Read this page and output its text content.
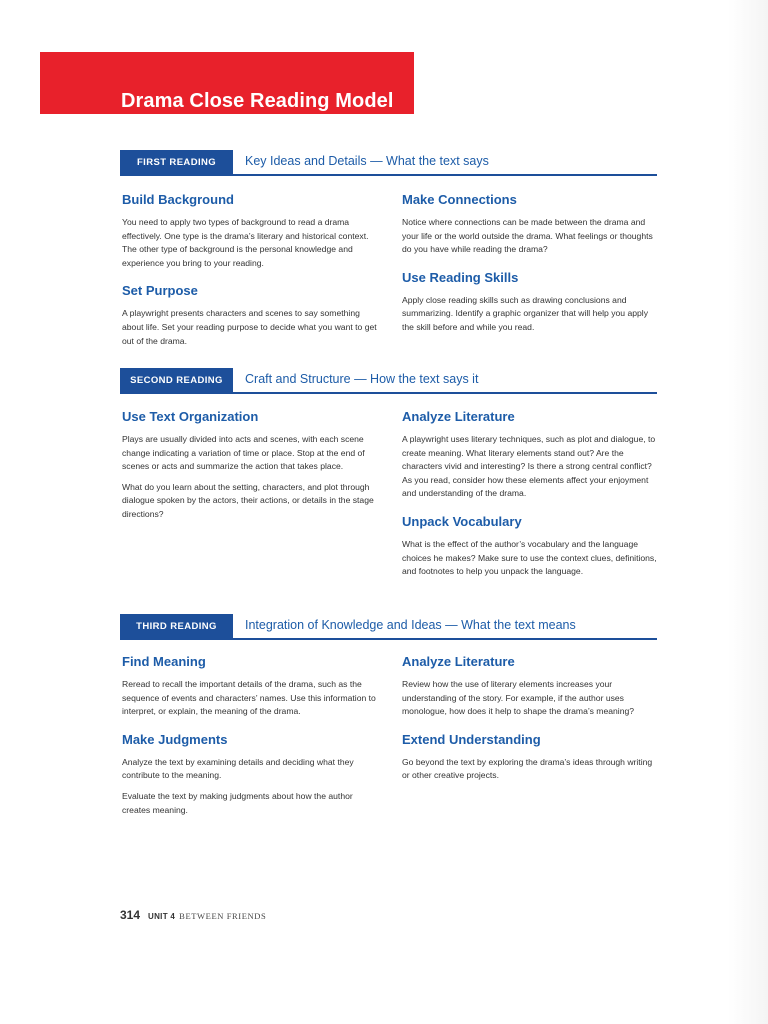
Drama Close Reading Model
FIRST READING	Key Ideas and Details — What the text says
Build Background

You need to apply two types of background to read a drama effectively. One type is the drama’s literary and historical context. The other type of background is the personal knowledge and experience you bring to your reading.

Set Purpose

A playwright presents characters and scenes to say something about life. Set your reading purpose to decide what you want to get out of the drama.

Make Connections

Notice where connections can be made between the drama and your life or the world outside the drama. What feelings or thoughts do you have while reading the drama?

Use Reading Skills

Apply close reading skills such as drawing conclusions and summarizing. Identify a graphic organizer that will help you apply the skill before and while you read.

SECOND READING	Craft and Structure — How the text says it
Use Text Organization

Plays are usually divided into acts and scenes, with each scene change indicating a variation of time or place. Stop at the end of scenes or acts and summarize the action that takes place.

What do you learn about the setting, characters, and plot through dialogue spoken by the actors, their actions, or details in the stage directions?

Analyze Literature

A playwright uses literary techniques, such as plot and dialogue, to create meaning. What literary elements stand out? Are the characters vivid and interesting? Is there a strong central conflict? As you read, consider how these elements affect your enjoyment and understanding of the drama.

Unpack Vocabulary

What is the effect of the author’s vocabulary and the language choices he makes? Make sure to use the context clues, definitions, and footnotes to help you unpack the language.

THIRD READING	Integration of Knowledge and Ideas — What the text means
Find Meaning

Reread to recall the important details of the drama, such as the sequence of events and characters’ names. Use this information to interpret, or explain, the meaning of the drama.

Make Judgments

Analyze the text by examining details and deciding what they contribute to the meaning.

Evaluate the text by making judgments about how the author creates meaning.

Analyze Literature

Review how the use of literary elements increases your understanding of the story. For example, if the author uses monologue, how does it help to shape the drama’s meaning?

Extend Understanding

Go beyond the text by exploring the drama’s ideas through writing or other creative projects.

314 UNIT 4 BETWEEN FRIENDS
